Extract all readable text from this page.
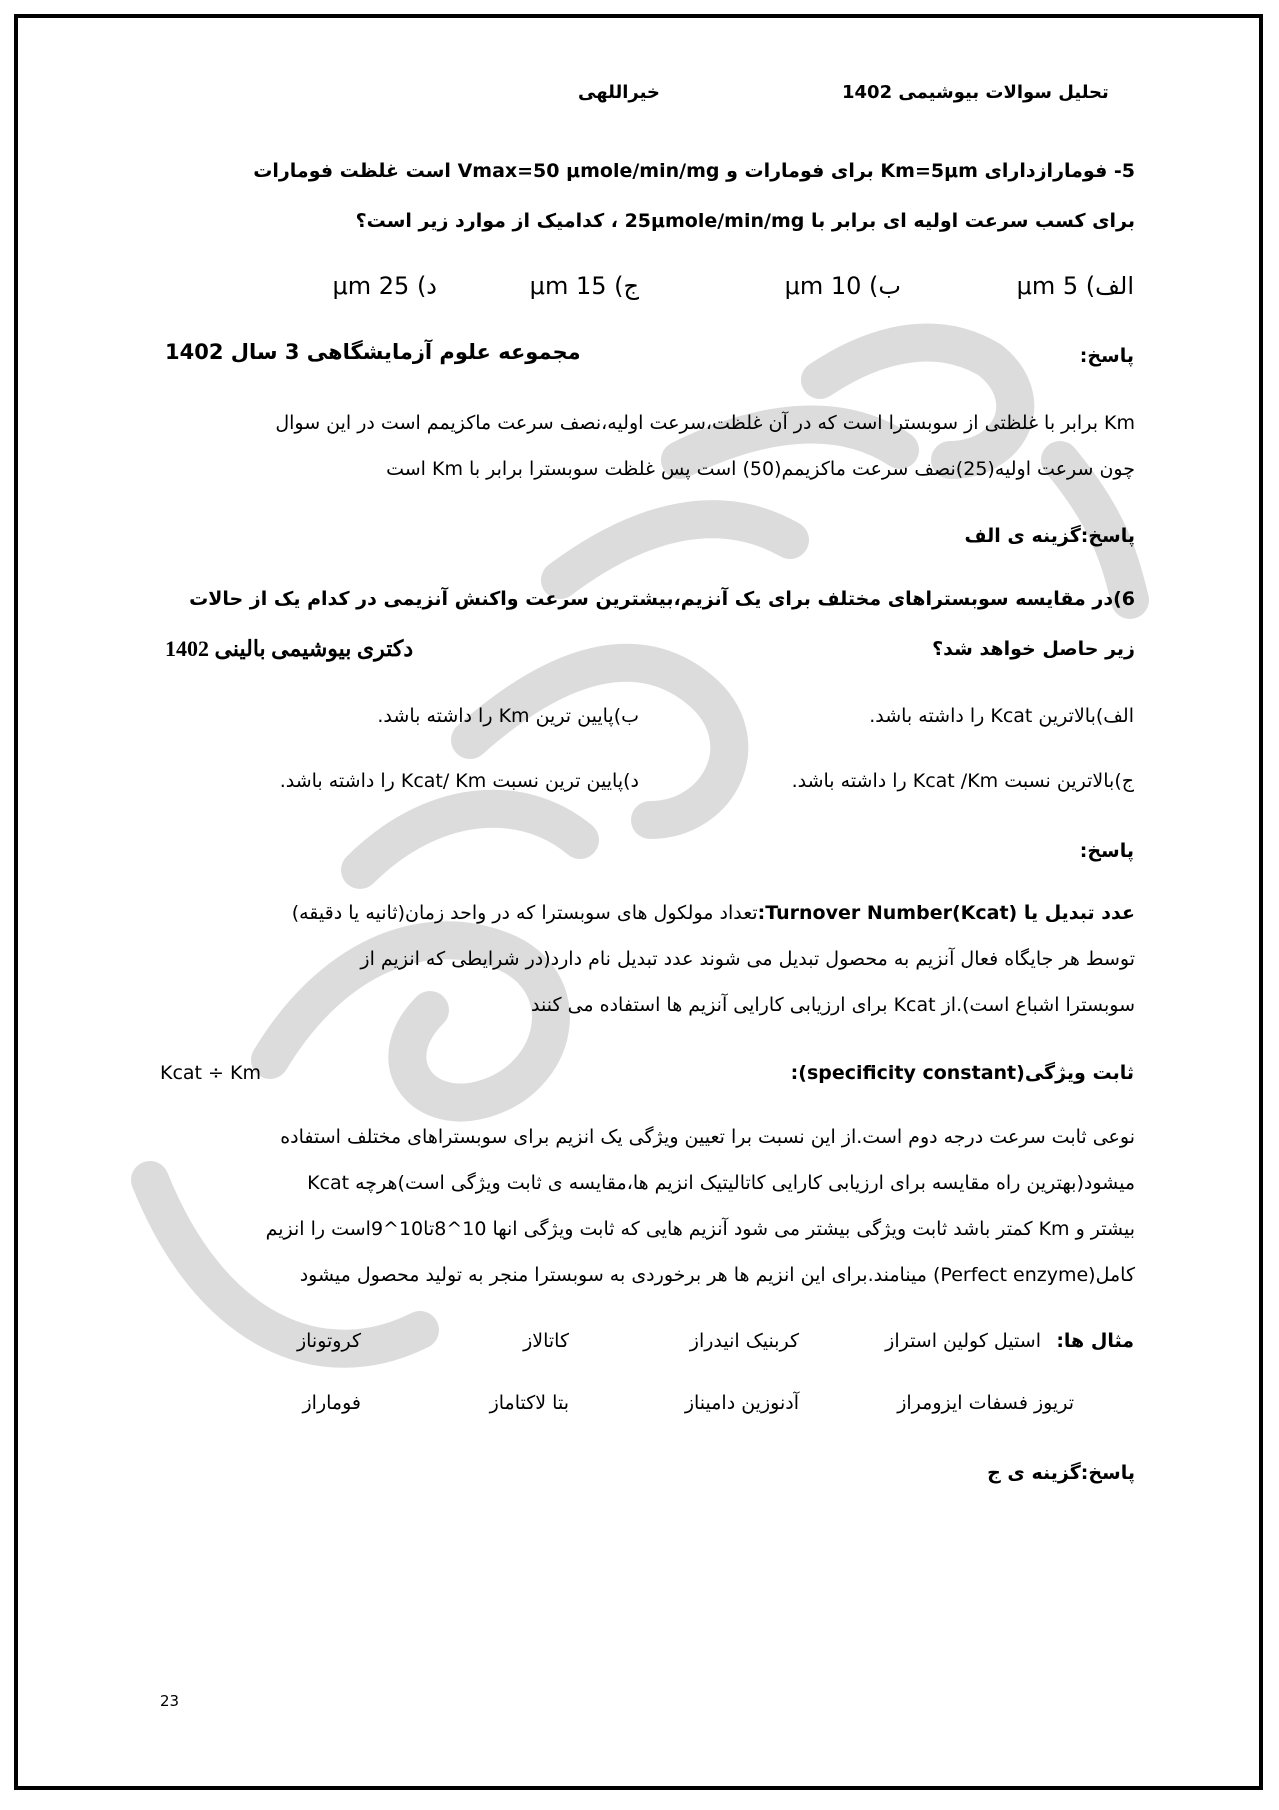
بیوشیمی (خیراللهی)
تحلیل سوالات بیوشیمی 1402
خیراللهی
5- فومارازدارای Km=5μm برای فومارات و Vmax=50 μmole/min/mg است غلظت فومارات
برای کسب سرعت اولیه ای برابر با 25μmole/min/mg ، کدامیک از موارد زیر است؟
الف) 5 μm
ب) 10 μm
ج) 15 μm
د) 25 μm
پاسخ:
مجموعه علوم آزمایشگاهی 3 سال 1402
Km برابر با غلظتی از سوبسترا است که در آن غلظت،سرعت اولیه،نصف سرعت ماکزیمم است در این سوال
چون سرعت اولیه(25)نصف سرعت ماکزیمم(50) است پس غلظت سوبسترا برابر با Km است
پاسخ:گزینه ی الف
6)در مقایسه سوبستراهای مختلف برای یک آنزیم،بیشترین سرعت واکنش آنزیمی در کدام یک از حالات
زیر حاصل خواهد شد؟
دکتری بیوشیمی بالینی 1402
الف)بالاترین Kcat را داشته باشد.
ب)پایین ترین Km را داشته باشد.
ج)بالاترین نسبت Kcat /Km را داشته باشد.
د)پایین ترین نسبت Kcat/ Km را داشته باشد.
پاسخ:
عدد تبدیل یا Turnover Number(Kcat):تعداد مولکول های سوبسترا که در واحد زمان(ثانیه یا دقیقه)
توسط هر جایگاه فعال آنزیم به محصول تبدیل می شوند عدد تبدیل نام دارد(در شرایطی که انزیم از
سوبسترا اشباع است).از Kcat برای ارزیابی کارایی آنزیم ها استفاده می کنند
ثابت ویژگی(specificity constant):
Kcat ÷ Km
نوعی ثابت سرعت درجه دوم است.از این نسبت برا تعیین ویژگی یک انزیم برای سوبستراهای مختلف استفاده
میشود(بهترین راه مقایسه برای ارزیابی کارایی کاتالیتیک انزیم ها،مقایسه ی ثابت ویژگی است)هرچه Kcat
بیشتر و Km کمتر باشد ثابت ویژگی بیشتر می شود آنزیم هایی که ثابت ویژگی انها 10^8تا10^9است را انزیم
کامل(Perfect enzyme) مینامند.برای این انزیم ها هر برخوردی به سوبسترا منجر به تولید محصول میشود
مثال ها:
استیل کولین استراز
کربنیک انیدراز
کاتالاز
کروتوناز
تریوز فسفات ایزومراز
آدنوزین دامیناز
بتا لاکتاماز
فوماراز
پاسخ:گزینه ی ج
23
